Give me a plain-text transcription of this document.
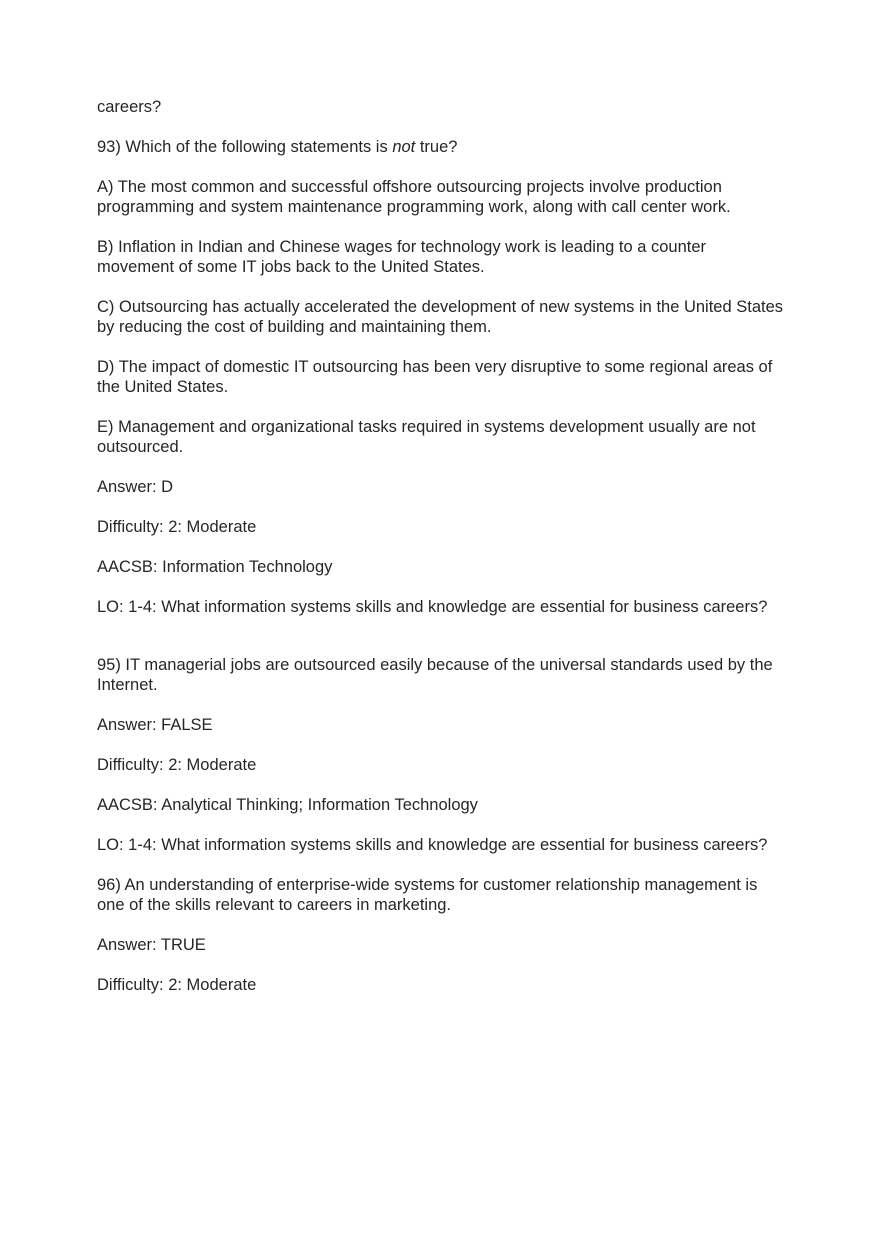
careers?

93) Which of the following statements is not true?

A) The most common and successful offshore outsourcing projects involve production programming and system maintenance programming work, along with call center work.

B) Inflation in Indian and Chinese wages for technology work is leading to a counter movement of some IT jobs back to the United States.

C) Outsourcing has actually accelerated the development of new systems in the United States by reducing the cost of building and maintaining them.

D) The impact of domestic IT outsourcing has been very disruptive to some regional areas of the United States.

E) Management and organizational tasks required in systems development usually are not outsourced.

Answer: D

Difficulty: 2: Moderate

AACSB: Information Technology

LO: 1-4: What information systems skills and knowledge are essential for business careers?

95) IT managerial jobs are outsourced easily because of the universal standards used by the Internet.

Answer: FALSE

Difficulty: 2: Moderate

AACSB: Analytical Thinking; Information Technology

LO: 1-4: What information systems skills and knowledge are essential for business careers?

96) An understanding of enterprise-wide systems for customer relationship management is one of the skills relevant to careers in marketing.

Answer: TRUE

Difficulty: 2: Moderate
